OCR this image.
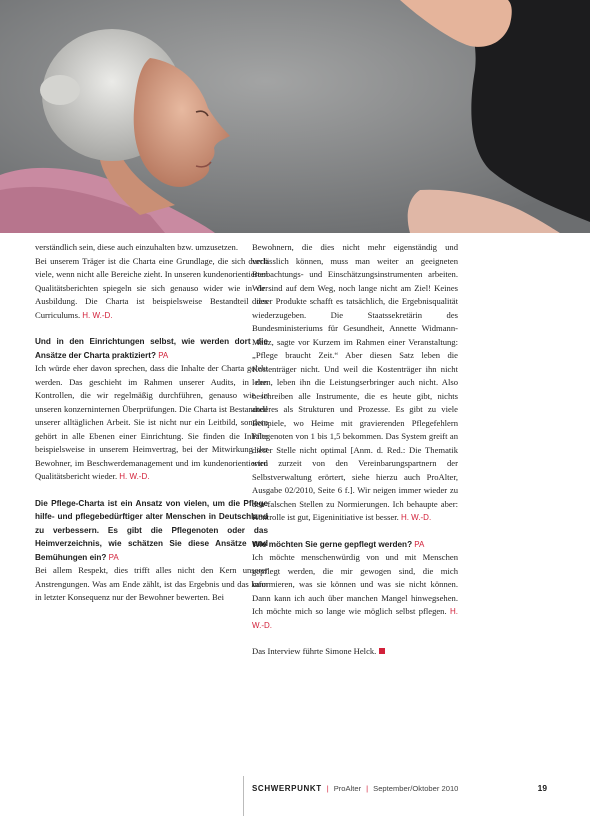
verständlich sein, diese auch einzuhalten bzw. umzusetzen.

Bei unserem Träger ist die Charta eine Grundlage, die sich durch viele, wenn nicht alle Bereiche zieht. In unseren kundenorientierten Qualitätsberichten spiegeln sie sich genauso wider wie in der Ausbildung. Die Charta ist beispielsweise Bestandteil des Curriculums. H. W.-D.

Und in den Einrichtungen selbst, wie werden dort die Ansätze der Charta praktiziert? PA

Ich würde eher davon sprechen, dass die Inhalte der Charta gelebt werden. Das geschieht im Rahmen unserer Audits, in den Kontrollen, die wir regelmäßig durchführen, genauso wie in unseren konzerninternen Überprüfungen. Die Charta ist Bestandteil unserer alltäglichen Arbeit. Sie ist nicht nur ein Leitbild, sondern gehört in alle Ebenen einer Einrichtung. Sie finden die Inhalte beispielsweise in unserem Heimvertrag, bei der Mitwirkung der Bewohner, im Beschwerdemanagement und im kundenorientierten Qualitätsbericht wieder. H. W.-D.

Die Pflege-Charta ist ein Ansatz von vielen, um die Pflege hilfe- und pflegebedürftiger alter Menschen in Deutschland zu verbessern. Es gibt die Pflegenoten oder das Heimverzeichnis, wie schätzen Sie diese Ansätze und Bemühungen ein? PA

Bei allem Respekt, dies trifft alles nicht den Kern unserer Anstrengungen. Was am Ende zählt, ist das Ergebnis und das kann in letzter Konsequenz nur der Bewohner bewerten. Bei

Bewohnern, die dies nicht mehr eigenständig und verlässlich können, muss man weiter an geeigneten Beobachtungs- und Einschätzungsinstrumenten arbeiten. Wir sind auf dem Weg, noch lange nicht am Ziel! Keines dieser Produkte schafft es tatsächlich, die Ergebnisqualität wiederzugeben. Die Staatssekretärin des Bundesministeriums für Gesundheit, Annette Widmann-Mauz, sagte vor Kurzem im Rahmen einer Veranstaltung: „Pflege braucht Zeit.“ Aber diesen Satz leben die Kostenträger nicht. Und weil die Kostenträger ihn nicht leben, leben ihn die Leistungserbringer auch nicht. Also beschreiben alle Instrumente, die es heute gibt, nichts anderes als Strukturen und Prozesse. Es gibt zu viele Beispiele, wo Heime mit gravierenden Pflegefehlern Pflegenoten von 1 bis 1,5 bekommen. Das System greift an dieser Stelle nicht optimal [Anm. d. Red.: Die Thematik wird zurzeit von den Vereinbarungspartnern der Selbstverwaltung erörtert, siehe hierzu auch ProAlter, Ausgabe 02/2010, Seite 6 f.]. Wir neigen immer wieder zu den falschen Stellen zu Normierungen. Ich behaupte aber: Kontrolle ist gut, Eigeninitiative ist besser. H. W.-D.

Wie möchten Sie gerne gepflegt werden? PA

Ich möchte menschenwürdig von und mit Menschen gepflegt werden, die mir gewogen sind, die mich informieren, was sie können und was sie nicht können. Dann kann ich auch über manchen Mangel hinwegsehen. Ich möchte mich so lange wie möglich selbst pflegen. H. W.-D.

Das Interview führte Simone Helck.

SCHWERPUNKT | ProAlter | September/Oktober 2010	19
